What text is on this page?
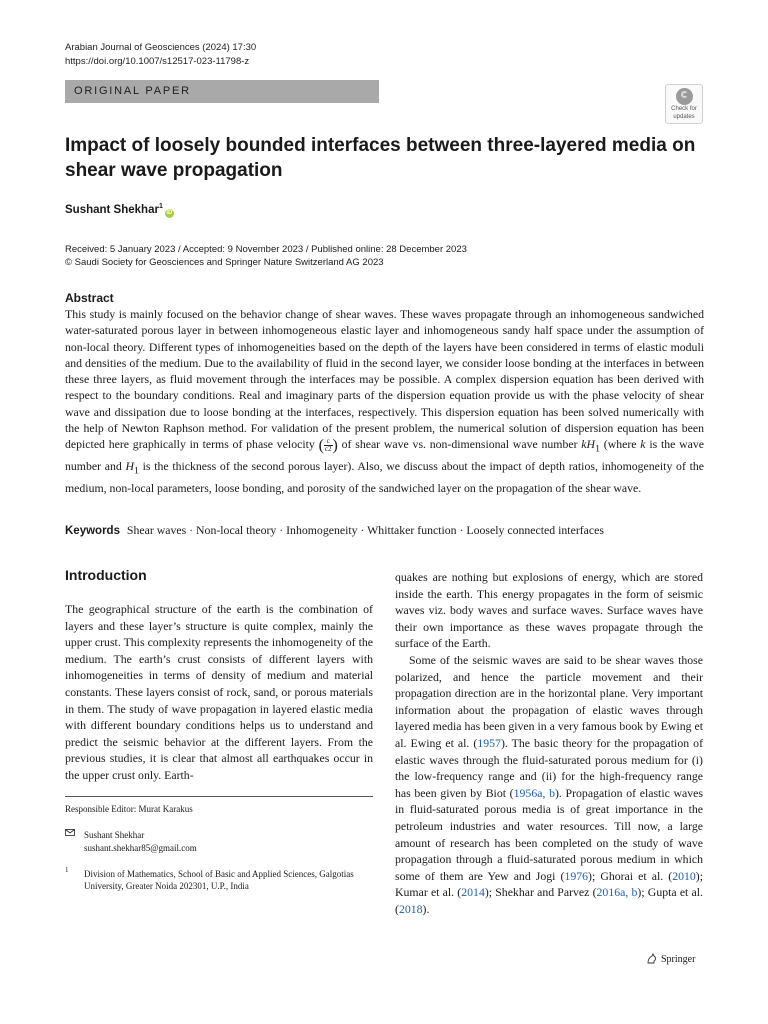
Arabian Journal of Geosciences (2024) 17:30
https://doi.org/10.1007/s12517-023-11798-z
ORIGINAL PAPER
Check for
updates
Impact of loosely bounded interfaces between three-layered media on shear wave propagation
Sushant Shekhar$^1$iD
Received: 5 January 2023 / Accepted: 9 November 2023 / Published online: 28 December 2023
© Saudi Society for Geosciences and Springer Nature Switzerland AG 2023
Abstract
This study is mainly focused on the behavior change of shear waves. These waves propagate through an inhomogeneous sandwiched water-saturated porous layer in between inhomogeneous elastic layer and inhomogeneous sandy half space under the assumption of non-local theory. Different types of inhomogeneities based on the depth of the layers have been considered in terms of elastic moduli and densities of the medium. Due to the availability of fluid in the second layer, we consider loose bonding at the interfaces in between these three layers, as fluid movement through the interfaces may be possible. A complex dispersion equation has been derived with respect to the boundary conditions. Real and imaginary parts of the dispersion equation provide us with the phase velocity of shear wave and dissipation due to loose bonding at the interfaces, respectively. This dispersion equation has been solved numerically with the help of Newton Raphson method. For validation of the present problem, the numerical solution of dispersion equation has been depicted here graphically in terms of phase velocity ( $\frac{c}{c2}$ ) of shear wave vs. non-dimensional wave number $kH_1$ (where k is the wave number and $H_1$ is the thickness of the second porous layer). Also, we discuss about the impact of depth ratios, inhomogeneity of the medium, non-local parameters, loose bonding, and porosity of the sandwiched layer on the propagation of the shear wave.
Keywords Shear waves · Non-local theory · Inhomogeneity · Whittaker function · Loosely connected interfaces
Introduction

The geographical structure of the earth is the combination of layers and these layer’s structure is quite complex, mainly the upper crust. This complexity represents the inhomogeneity of the medium. The earth’s crust consists of different layers with inhomogeneities in terms of density of medium and material constants. These layers consist of rock, sand, or porous materials in them. The study of wave propagation in layered elastic media with different boundary conditions helps us to understand and predict the seismic behavior at the different layers. From the previous studies, it is clear that almost all earthquakes occur in the upper crust only. Earth-

quakes are nothing but explosions of energy, which are stored inside the earth. This energy propagates in the form of seismic waves viz. body waves and surface waves. Surface waves have their own importance as these waves propagate through the surface of the Earth.

Some of the seismic waves are said to be shear waves those polarized, and hence the particle movement and their propagation direction are in the horizontal plane. Very important information about the propagation of elastic waves through layered media has been given in a very famous book by Ewing et al. Ewing et al. (1957). The basic theory for the propagation of elastic waves through the fluid-saturated porous medium for (i) the low-frequency range and (ii) for the high-frequency range has been given by Biot (1956a, b). Propagation of elastic waves in fluid-saturated porous media is of great importance in the petroleum industries and water resources. Till now, a large amount of research has been completed on the study of wave propagation through a fluid-saturated porous medium in which some of them are Yew and Jogi (1976); Ghorai et al. (2010); Kumar et al. (2014); Shekhar and Parvez (2016a, b); Gupta et al. (2018).

Responsible Editor: Murat Karakus
Sushant Shekhar
sushant.shekhar85@gmail.com
1 Division of Mathematics, School of Basic and Applied Sciences, Galgotias University, Greater Noida 202301, U.P., India
Springer
